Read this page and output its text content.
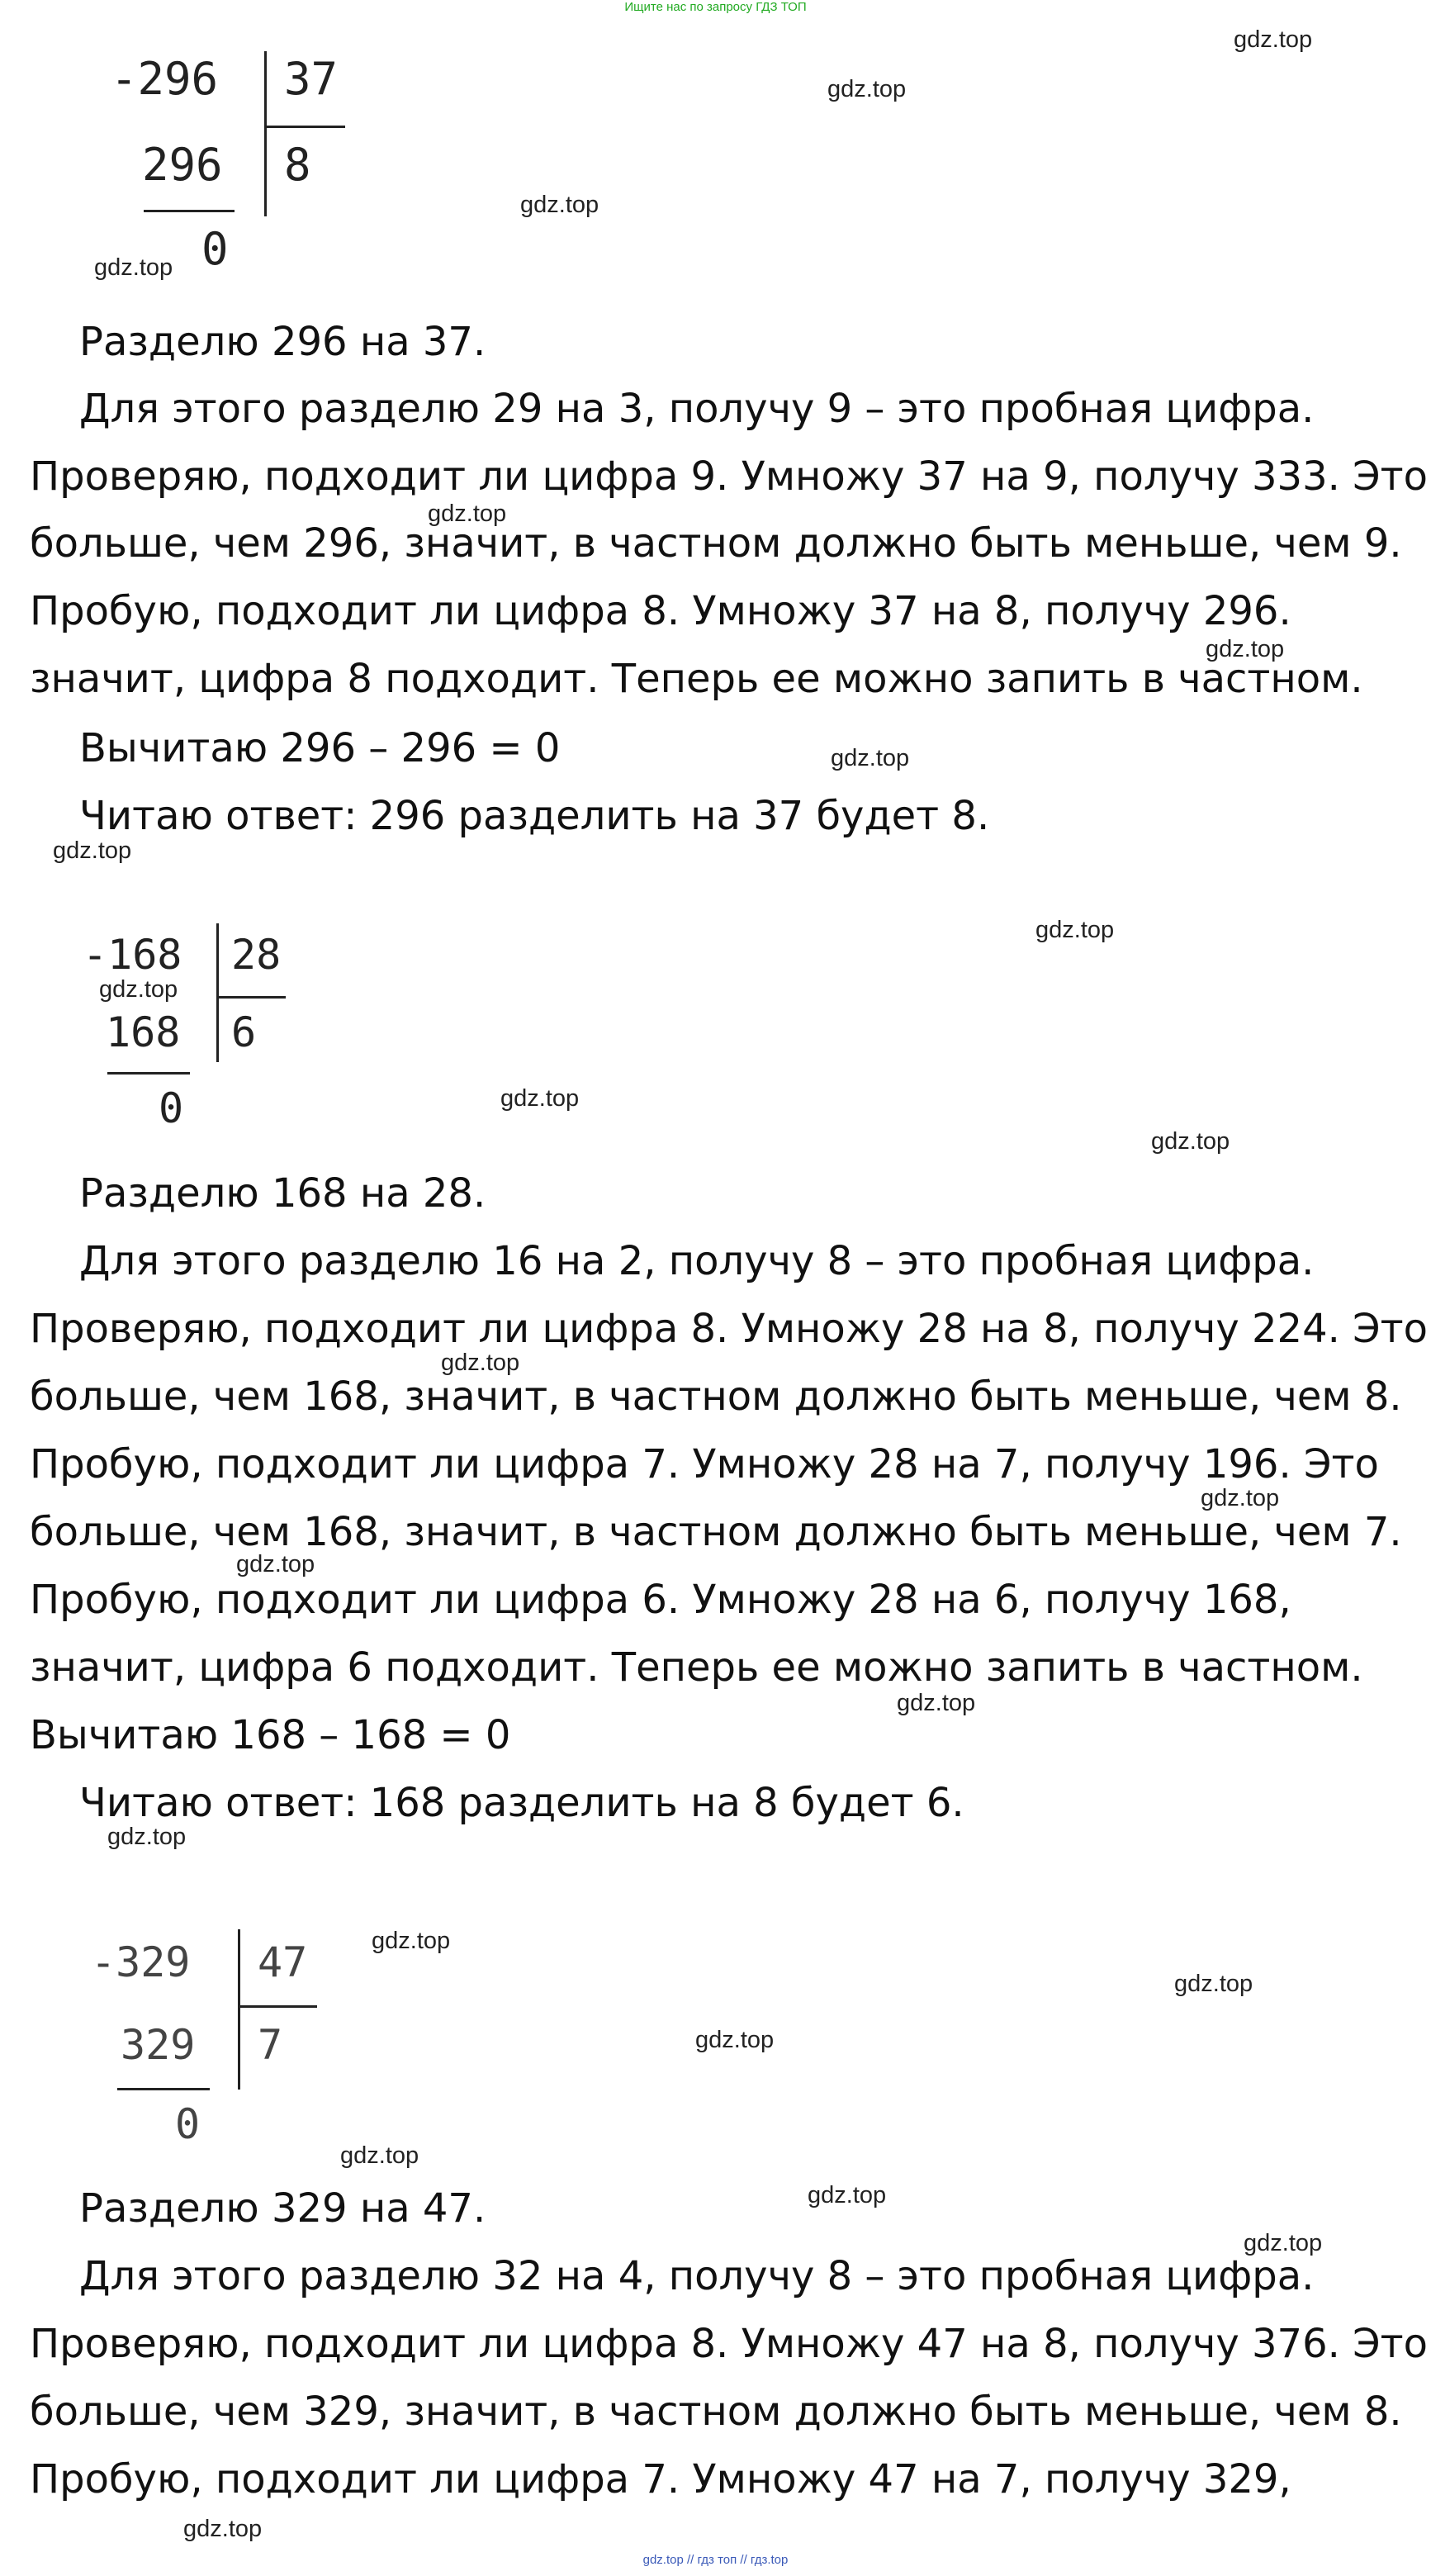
Ищите нас по запросу ГДЗ ТОП
-296 37
296 8
0
Разделю 296 на 37.
Для этого разделю 29 на 3, получу 9 – это пробная цифра.
Проверяю, подходит ли цифра 9. Умножу 37 на 9, получу 333. Это
больше, чем 296, значит, в частном должно быть меньше, чем 9.
Пробую, подходит ли цифра 8. Умножу 37 на 8, получу 296.
значит, цифра 8 подходит. Теперь ее можно запить в частном.
Вычитаю 296 – 296 = 0
Читаю ответ: 296 разделить на 37 будет 8.
-168 28
168 6
0
Разделю 168 на 28.
Для этого разделю 16 на 2, получу 8 – это пробная цифра.
Проверяю, подходит ли цифра 8. Умножу 28 на 8, получу 224. Это
больше, чем 168, значит, в частном должно быть меньше, чем 8.
Пробую, подходит ли цифра 7. Умножу 28 на 7, получу 196. Это
больше, чем 168, значит, в частном должно быть меньше, чем 7.
Пробую, подходит ли цифра 6. Умножу 28 на 6, получу 168,
значит, цифра 6 подходит. Теперь ее можно запить в частном.
Вычитаю 168 – 168 = 0
Читаю ответ: 168 разделить на 8 будет 6.
-329 47
329 7
0
Разделю 329 на 47.
Для этого разделю 32 на 4, получу 8 – это пробная цифра.
Проверяю, подходит ли цифра 8. Умножу 47 на 8, получу 376. Это
больше, чем 329, значит, в частном должно быть меньше, чем 8.
Пробую, подходит ли цифра 7. Умножу 47 на 7, получу 329,
gdz.top
gdz.top
gdz.top
gdz.top
gdz.top
gdz.top
gdz.top
gdz.top
gdz.top
gdz.top
gdz.top
gdz.top
gdz.top
gdz.top
gdz.top
gdz.top
gdz.top
gdz.top
gdz.top
gdz.top
gdz.top
gdz.top
gdz.top
gdz.top
gdz.top // гдз топ // гдз.top
